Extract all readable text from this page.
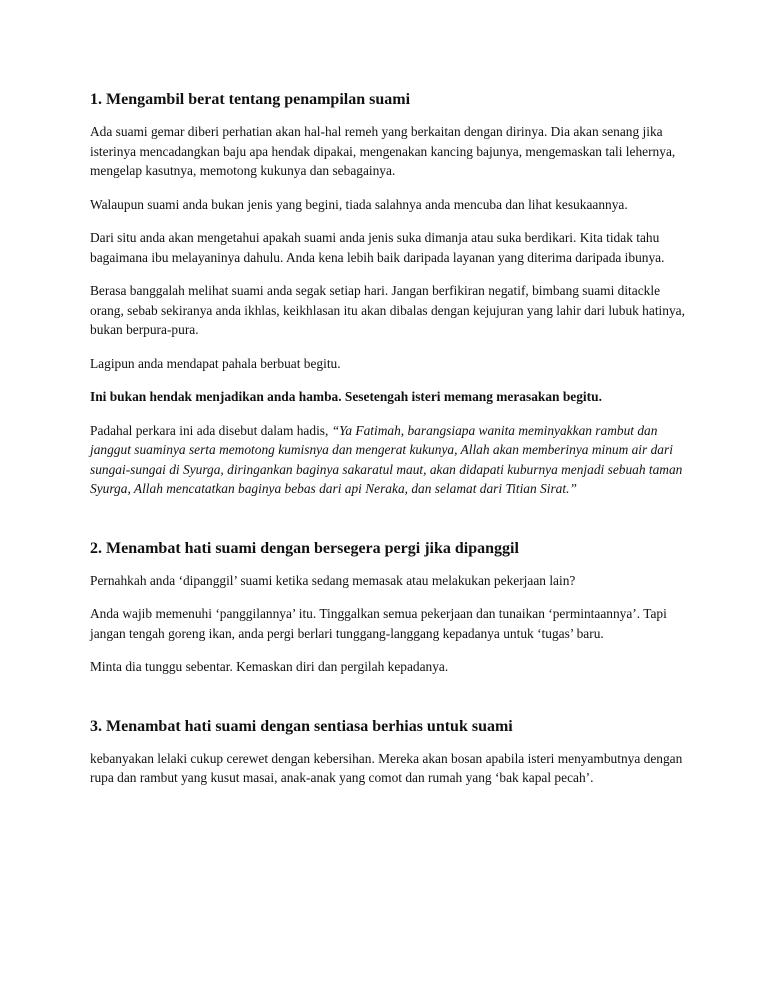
1. Mengambil berat tentang penampilan suami

Ada suami gemar diberi perhatian akan hal-hal remeh yang berkaitan dengan dirinya. Dia akan senang jika isterinya mencadangkan baju apa hendak dipakai, mengenakan kancing bajunya, mengemaskan tali lehernya, mengelap kasutnya, memotong kukunya dan sebagainya.

Walaupun suami anda bukan jenis yang begini, tiada salahnya anda mencuba dan lihat kesukaannya.

Dari situ anda akan mengetahui apakah suami anda jenis suka dimanja atau suka berdikari. Kita tidak tahu bagaimana ibu melayaninya dahulu. Anda kena lebih baik daripada layanan yang diterima daripada ibunya.

Berasa banggalah melihat suami anda segak setiap hari. Jangan berfikiran negatif, bimbang suami ditackle orang, sebab sekiranya anda ikhlas, keikhlasan itu akan dibalas dengan kejujuran yang lahir dari lubuk hatinya, bukan berpura-pura.

Lagipun anda mendapat pahala berbuat begitu.

Ini bukan hendak menjadikan anda hamba. Sesetengah isteri memang merasakan begitu.

Padahal perkara ini ada disebut dalam hadis, “Ya Fatimah, barangsiapa wanita meminyakkan rambut dan janggut suaminya serta memotong kumisnya dan mengerat kukunya, Allah akan memberinya minum air dari sungai-sungai di Syurga, diringankan baginya sakaratul maut, akan didapati kuburnya menjadi sebuah taman Syurga, Allah mencatatkan baginya bebas dari api Neraka, dan selamat dari Titian Sirat.”

2. Menambat hati suami dengan bersegera pergi jika dipanggil

Pernahkah anda ‘dipanggil’ suami ketika sedang memasak atau melakukan pekerjaan lain?

Anda wajib memenuhi ‘panggilannya’ itu. Tinggalkan semua pekerjaan dan tunaikan ‘permintaannya’. Tapi jangan tengah goreng ikan, anda pergi berlari tunggang-langgang kepadanya untuk ‘tugas’ baru.

Minta dia tunggu sebentar. Kemaskan diri dan pergilah kepadanya.

3. Menambat hati suami dengan sentiasa berhias untuk suami

kebanyakan lelaki cukup cerewet dengan kebersihan. Mereka akan bosan apabila isteri menyambutnya dengan rupa dan rambut yang kusut masai, anak-anak yang comot dan rumah yang ‘bak kapal pecah’.
